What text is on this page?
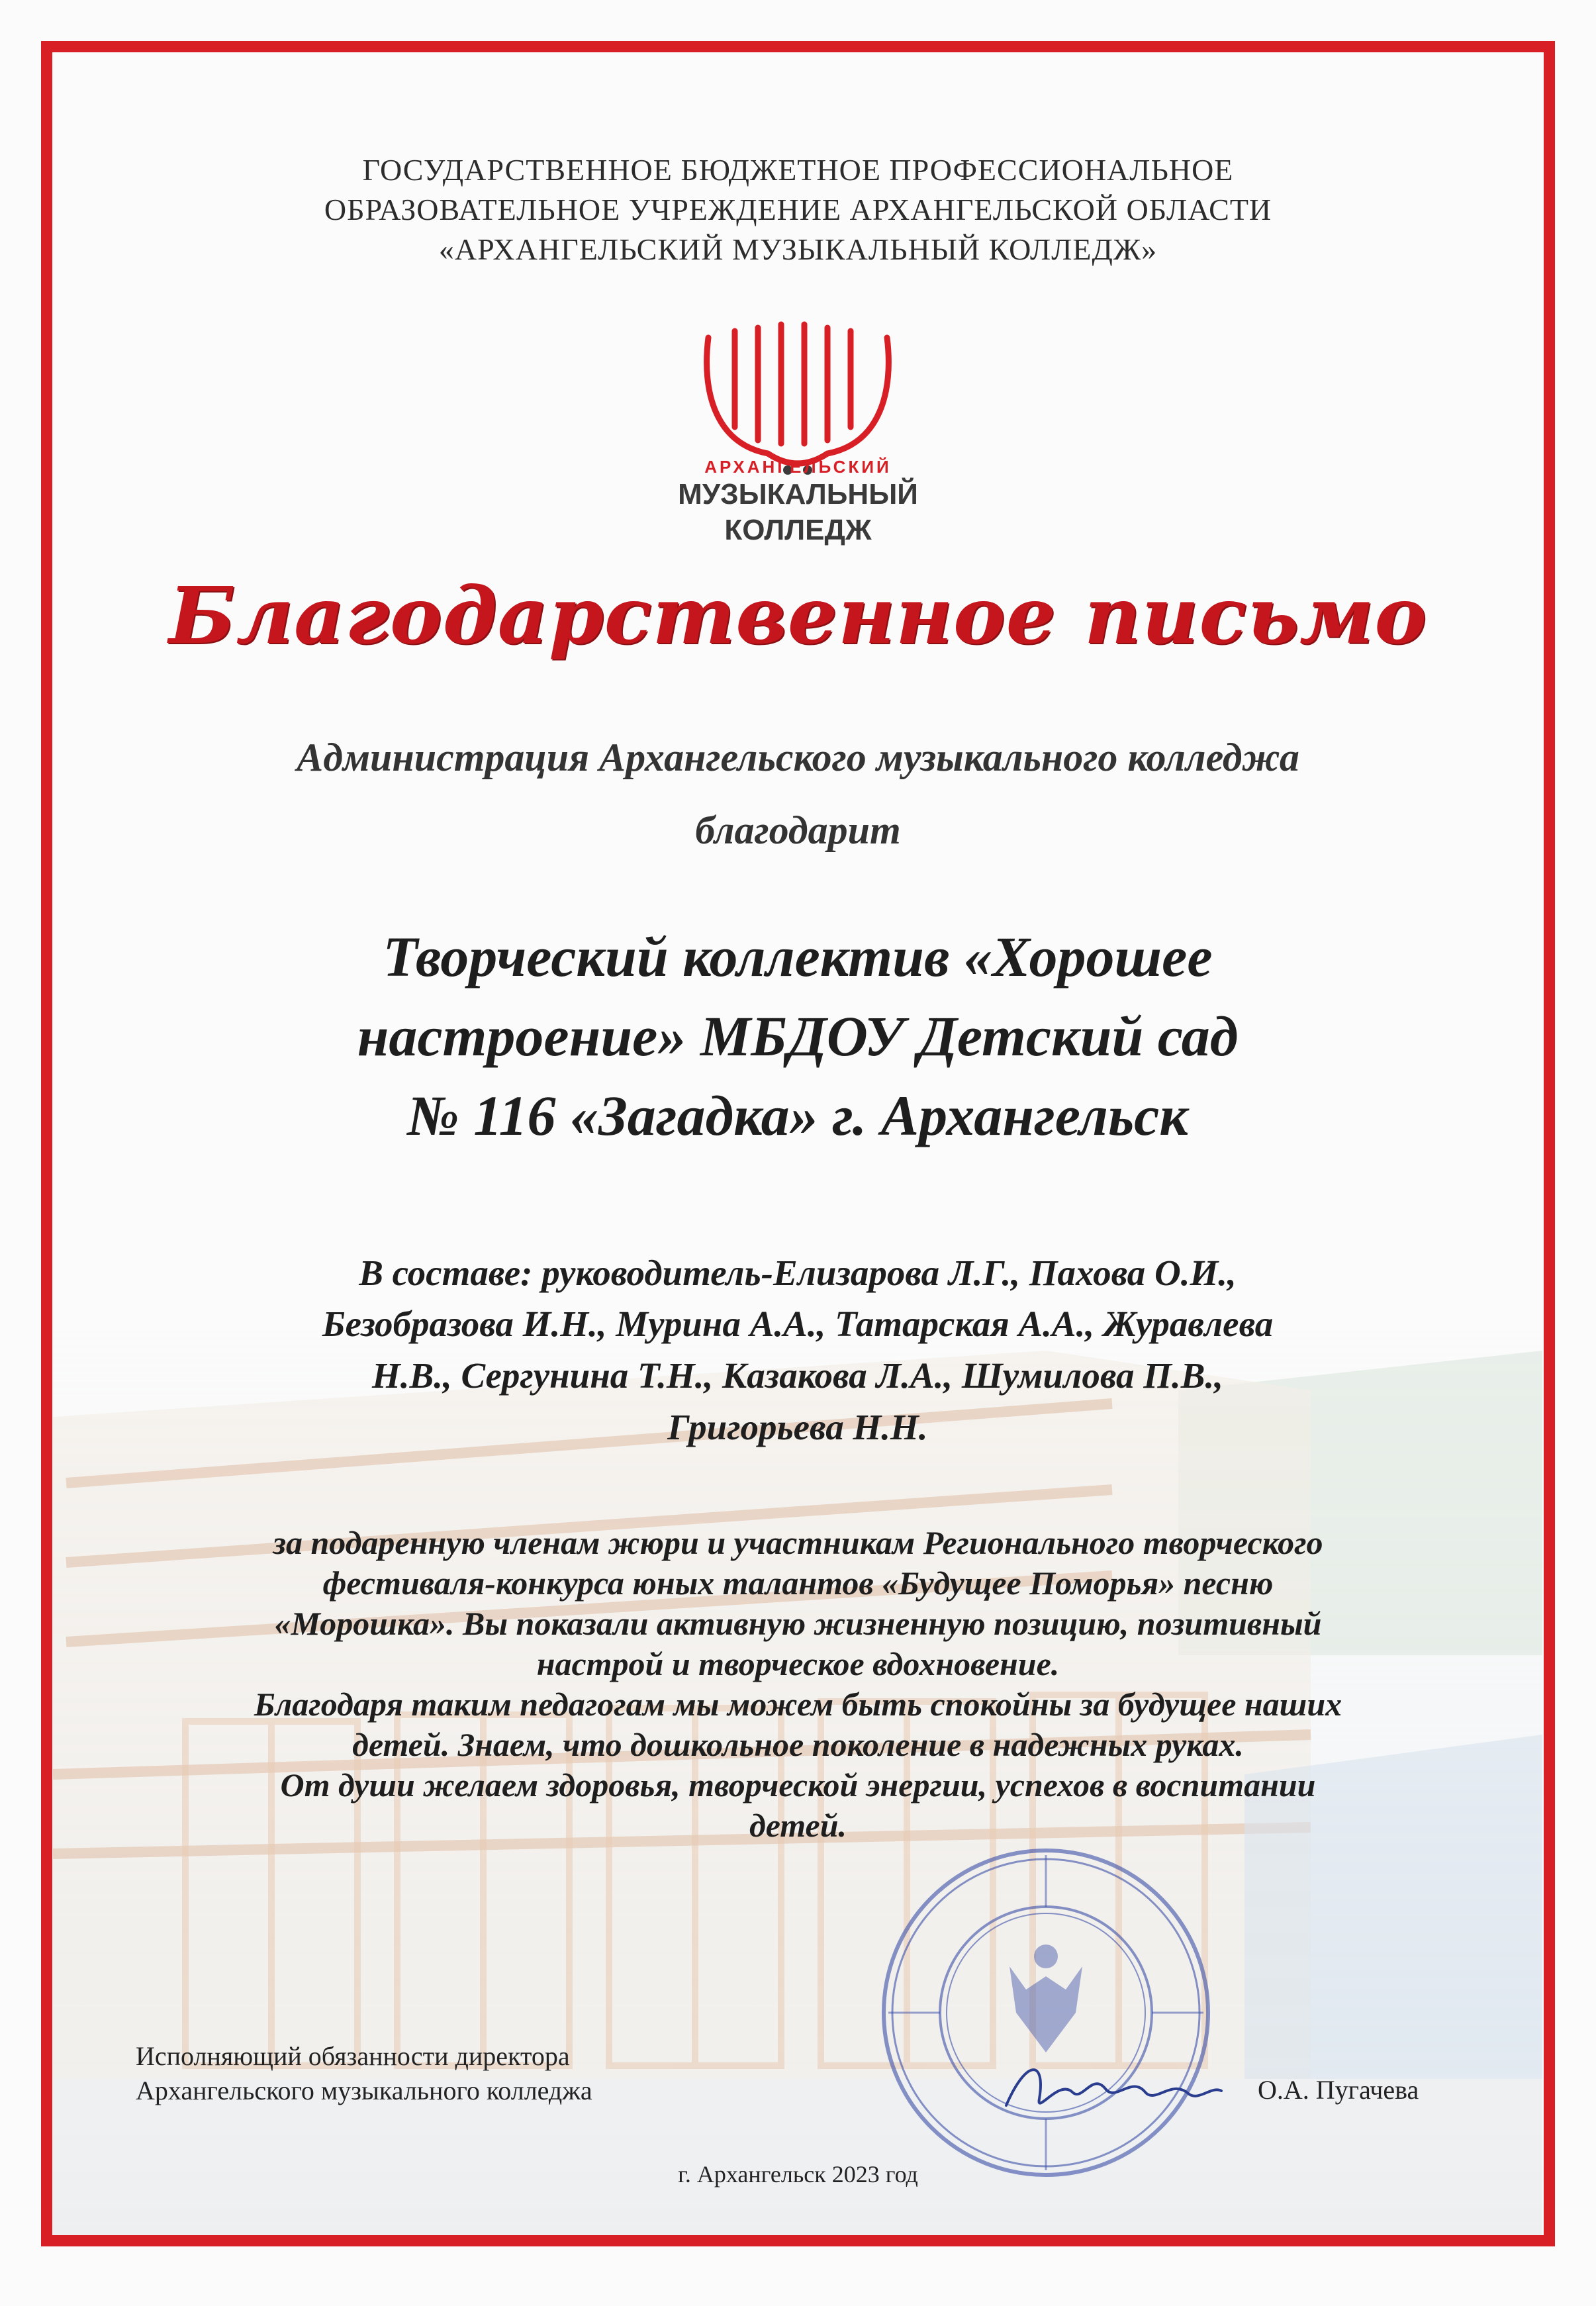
ГОСУДАРСТВЕННОЕ БЮДЖЕТНОЕ ПРОФЕССИОНАЛЬНОЕ
ОБРАЗОВАТЕЛЬНОЕ УЧРЕЖДЕНИЕ АРХАНГЕЛЬСКОЙ ОБЛАСТИ
«АРХАНГЕЛЬСКИЙ МУЗЫКАЛЬНЫЙ КОЛЛЕДЖ»
АРХАНГЕЛЬСКИЙ
МУЗЫКАЛЬНЫЙ
КОЛЛЕДЖ
Благодарственное письмо
Администрация Архангельского музыкального колледжа
благодарит
Творческий коллектив «Хорошее
настроение» МБДОУ Детский сад
№ 116 «Загадка» г. Архангельск
В составе: руководитель-Елизарова Л.Г., Пахова О.И.,
Безобразова И.Н., Мурина А.А., Татарская А.А., Журавлева
Н.В., Сергунина Т.Н., Казакова Л.А., Шумилова П.В.,
Григорьева Н.Н.
за подаренную членам жюри и участникам Регионального творческого
фестиваля-конкурса юных талантов «Будущее Поморья» песню
«Морошка». Вы показали активную жизненную позицию, позитивный
настрой и творческое вдохновение.
Благодаря таким педагогам мы можем быть спокойны за будущее наших
детей. Знаем, что дошкольное поколение в надежных руках.
От души желаем здоровья, творческой энергии, успехов в воспитании
детей.
Исполняющий обязанности директора
Архангельского музыкального колледжа	О.А. Пугачева
г. Архангельск 2023 год
